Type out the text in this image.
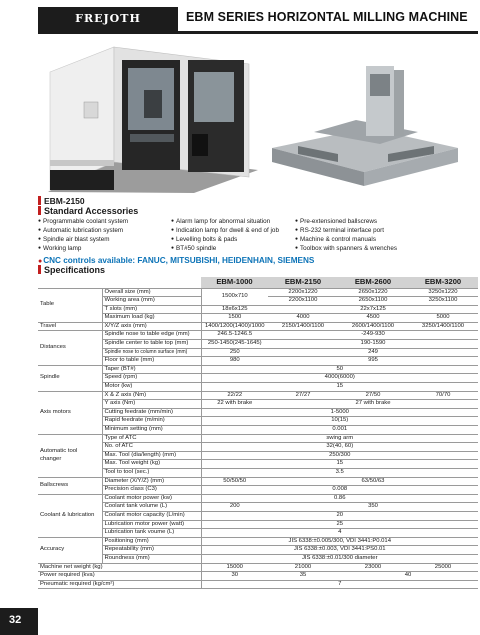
FREJOTH	EBM SERIES HORIZONTAL MILLING MACHINE
EBM-2150
Standard Accessories
● Programmable coolant system
● Automatic lubrication system
● Spindle air blast system
● Working lamp
● Alarm lamp for abnormal situation
● Indication lamp for dwell & end of job
● Levelling bolts & pads
● BT#50 spindle
● Pre-extensioned ballscrews
● RS-232 terminal interface port
● Machine & control manuals
● Toolbox with spanners & wrenches
●CNC controls available: FANUC, MITSUBISHI, HEIDENHAIN, SIEMENS
Specifications
		EBM-1000	EBM-2150	EBM-2600	EBM-3200
Table	Overall size (mm)	1500x710	2200x1220	2650x1220	3250x1220
	Working area (mm)		2200x1100	2650x1100	3250x1100
	T slots (mm)	18x6x125	22x7x125		
	Maximum load (kg)	1500	4000	4500	5000
Travel	X/Y/Z axis (mm)	1400/1200(1400)/1000	2150/1400/1100	2600/1400/1100	3250/1400/1100
Distances	Spindle nose to table edge (mm)	246.5-1246.5	-249-930		
	Spindle center to table top (mm)	250-1450(245-1645)	190-1590		
	Spindle nose to column surface (mm)	250	249		
	Floor to table (mm)	980	995		
Spindle	Taper (BT#)	50			
	Speed (rpm)	4000(6000)			
	Motor (kw)	15			
Axis motors	X & Z axis (Nm)	22/22	27/27	27/50	70/70
	Y axis (Nm)	22 with brake	27 with brake		
	Cutting feedrate (mm/min)	1-5000			
	Rapid feedrate (m/min)	10(15)			
	Minimum setting (mm)	0.001			
Automatic tool changer	Type of ATC	swing arm			
	No. of ATC	32(40, 60)			
	Max. Tool (dia/length) (mm)	250/300			
	Max. Tool weight (kg)	15			
	Tool to tool (sec.)	3.5			
Ballscrews	Diameter (X/Y/Z) (mm)	50/50/50	63/50/63		
	Precision class (C3)	0.008			
Coolant & lubrication	Coolant motor power (kw)	0.86			
	Coolant tank volume (L)	200	350		
	Coolant motor capacity (L/min)	20			
	Lubrication motor power (watt)	25			
	Lubrication tank voume (L)	4			
Accuracy	Positioning (mm)	JIS 6338:±0.005/300, VDI 3441:P0.014			
	Repeatability (mm)	JIS 6338:±0.003, VDI 3441:PS0.01			
	Roundness (mm)	JIS 6338:±0.01/300 diameter			
Machine net weight (kg)		15000	21000	23000	25000
Power required (kva)		30	35	40	
Pneumatic required (kg/cm²)		7			
32
